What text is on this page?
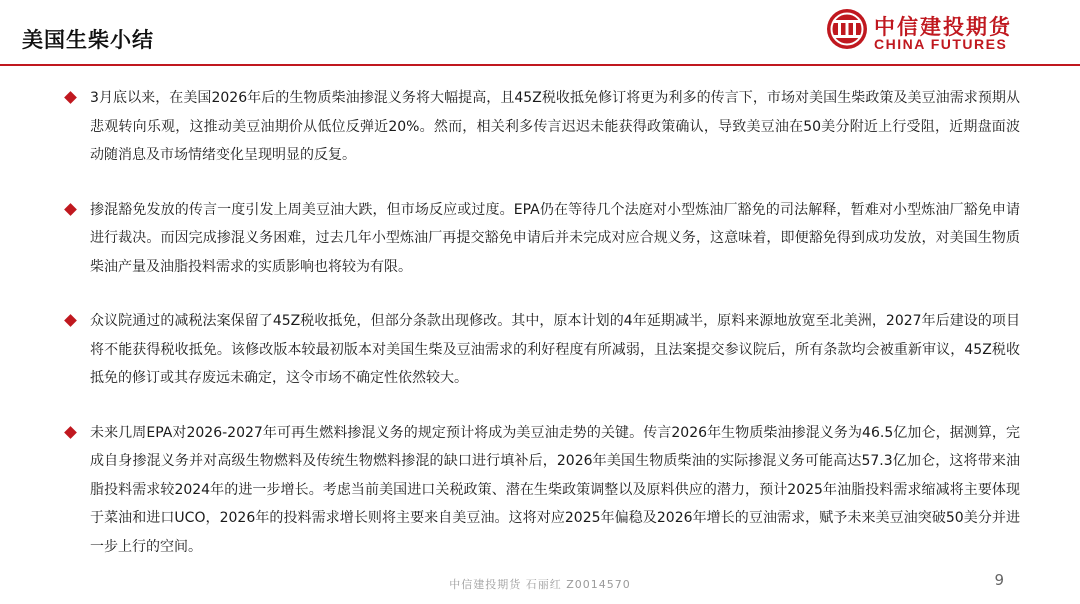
美国生柴小结
中信建投期货
CHINA FUTURES
3月底以来，在美国2026年后的生物质柴油掺混义务将大幅提高，且45Z税收抵免修订将更为利多的传言下，市场对美国生柴政策及美豆油需求预期从悲观转向乐观，这推动美豆油期价从低位反弹近20%。然而，相关利多传言迟迟未能获得政策确认，导致美豆油在50美分附近上行受阻，近期盘面波动随消息及市场情绪变化呈现明显的反复。
掺混豁免发放的传言一度引发上周美豆油大跌，但市场反应或过度。EPA仍在等待几个法庭对小型炼油厂豁免的司法解释，暂难对小型炼油厂豁免申请进行裁决。而因完成掺混义务困难，过去几年小型炼油厂再提交豁免申请后并未完成对应合规义务，这意味着，即便豁免得到成功发放，对美国生物质柴油产量及油脂投料需求的实质影响也将较为有限。
众议院通过的减税法案保留了45Z税收抵免，但部分条款出现修改。其中，原本计划的4年延期减半，原料来源地放宽至北美洲，2027年后建设的项目将不能获得税收抵免。该修改版本较最初版本对美国生柴及豆油需求的利好程度有所减弱，且法案提交参议院后，所有条款均会被重新审议，45Z税收抵免的修订或其存废远未确定，这令市场不确定性依然较大。
未来几周EPA对2026-2027年可再生燃料掺混义务的规定预计将成为美豆油走势的关键。传言2026年生物质柴油掺混义务为46.5亿加仑，据测算，完成自身掺混义务并对高级生物燃料及传统生物燃料掺混的缺口进行填补后，2026年美国生物质柴油的实际掺混义务可能高达57.3亿加仑，这将带来油脂投料需求较2024年的进一步增长。考虑当前美国进口关税政策、潜在生柴政策调整以及原料供应的潜力，预计2025年油脂投料需求缩减将主要体现于菜油和进口UCO，2026年的投料需求增长则将主要来自美豆油。这将对应2025年偏稳及2026年增长的豆油需求，赋予未来美豆油突破50美分并进一步上行的空间。
中信建投期货 石丽红 Z0014570	9
